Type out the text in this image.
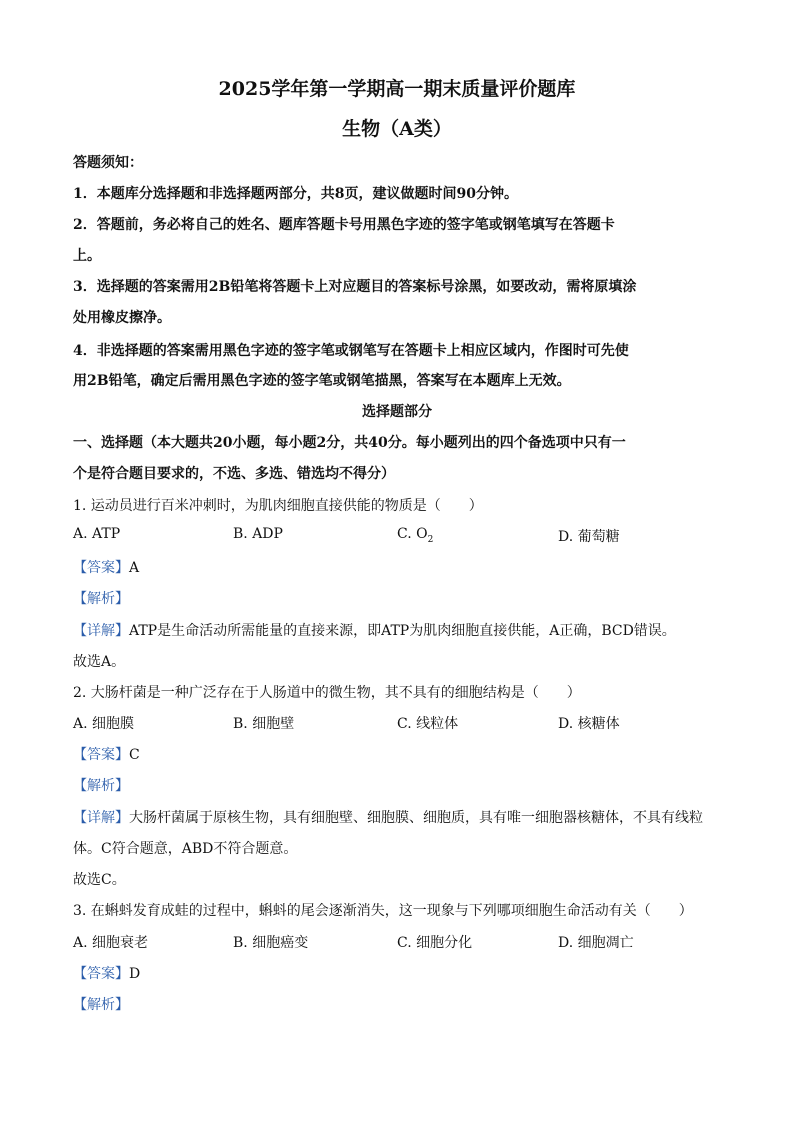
2025学年第一学期高一期末质量评价题库
生物（A类）
答题须知：
1．本题库分选择题和非选择题两部分，共8页，建议做题时间90分钟。
2．答题前，务必将自己的姓名、题库答题卡号用黑色字迹的签字笔或钢笔填写在答题卡
上。
3．选择题的答案需用2B铅笔将答题卡上对应题目的答案标号涂黑，如要改动，需将原填涂
处用橡皮擦净。
4．非选择题的答案需用黑色字迹的签字笔或钢笔写在答题卡上相应区域内，作图时可先使
用2B铅笔，确定后需用黑色字迹的签字笔或钢笔描黑，答案写在本题库上无效。
选择题部分
一、选择题（本大题共20小题，每小题2分，共40分。每小题列出的四个备选项中只有一
个是符合题目要求的，不选、多选、错选均不得分）
1. 运动员进行百米冲刺时，为肌肉细胞直接供能的物质是（　　）
A. ATP	B. ADP	C. $O_2$	D. 葡萄糖
【答案】A
【解析】
【详解】ATP是生命活动所需能量的直接来源，即ATP为肌肉细胞直接供能，A正确，BCD错误。
故选A。
2. 大肠杆菌是一种广泛存在于人肠道中的微生物，其不具有的细胞结构是（　　）
A. 细胞膜	B. 细胞壁	C. 线粒体	D. 核糖体
【答案】C
【解析】
【详解】大肠杆菌属于原核生物，具有细胞壁、细胞膜、细胞质，具有唯一细胞器核糖体，不具有线粒
体。C符合题意，ABD不符合题意。
故选C。
3. 在蝌蚪发育成蛙的过程中，蝌蚪的尾会逐渐消失，这一现象与下列哪项细胞生命活动有关（　　）
A. 细胞衰老	B. 细胞癌变	C. 细胞分化	D. 细胞凋亡
【答案】D
【解析】
